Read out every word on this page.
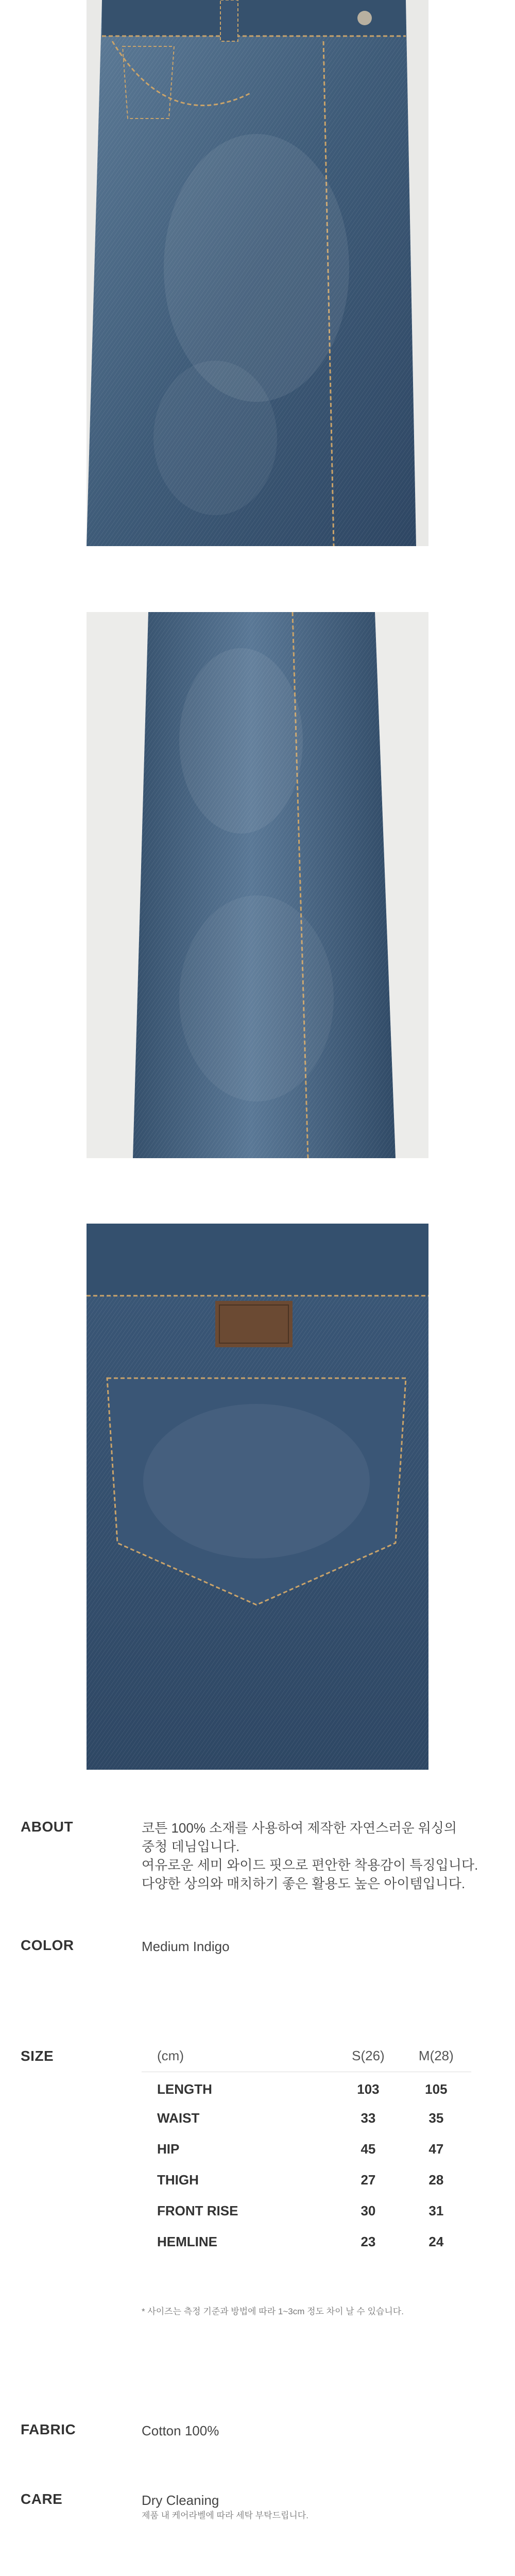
ABOUT	코튼 100% 소재를 사용하여 제작한 자연스러운 워싱의
중청 데님입니다.
여유로운 세미 와이드 핏으로 편안한 착용감이 특징입니다.
다양한 상의와 매치하기 좋은 활용도 높은 아이템입니다.
COLOR	Medium Indigo
SIZE	(cm)	S(26)	M(28)
LENGTH	103	105
WAIST	33	35
HIP	45	47
THIGH	27	28
FRONT RISE	30	31
HEMLINE	23	24
* 사이즈는 측정 기준과 방법에 따라 1~3cm 정도 차이 날 수 있습니다.
FABRIC	Cotton 100%
CARE	Dry Cleaning
제품 내 케어라벨에 따라 세탁 부탁드립니다.
